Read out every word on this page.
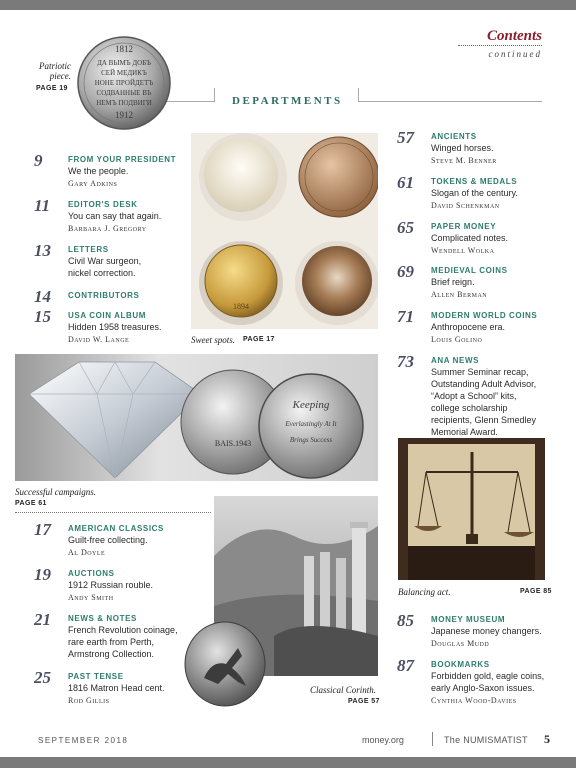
Contents
continued
DEPARTMENTS
1812
ДА ВЫМЪ ДОБЪ
СЕЙ МЕДИКЪ
НОНЕ ПРОЙДЕТЪ
СОДВАННЫЕ ВЪ
НЕМЪ ПОДВИГИ
1912
Patriotic
piece.
PAGE 19
1894
Sweet spots. PAGE 17
BAIS.1943
Keeping
Everlastingly At It
Brings Success
Successful campaigns.
PAGE 61
Classical Corinth.
PAGE 57
Balancing act.	PAGE 85
9	FROM YOUR PRESIDENT
We the people.
Gary Adkins
11	EDITOR'S DESK
You can say that again.
Barbara J. Gregory
13	LETTERS
Civil War surgeon, nickel correction.
14	CONTRIBUTORS
15	USA COIN ALBUM
Hidden 1958 treasures.
David W. Lange
17	AMERICAN CLASSICS
Guilt-free collecting.
Al Doyle
19	AUCTIONS
1912 Russian rouble.
Andy Smith
21	NEWS & NOTES
French Revolution coinage, rare earth from Perth, Armstrong Collection.
25	PAST TENSE
1816 Matron Head cent.
Rod Gillis
57	ANCIENTS
Winged horses.
Steve M. Benner
61	TOKENS & MEDALS
Slogan of the century.
David Schenkman
65	PAPER MONEY
Complicated notes.
Wendell Wolka
69	MEDIEVAL COINS
Brief reign.
Allen Berman
71	MODERN WORLD COINS
Anthropocene era.
Louis Golino
73	ANA NEWS
Summer Seminar recap, Outstanding Adult Advisor, “Adopt a School” kits, college scholarship recipients, Glenn Smedley Memorial Award.
85	MONEY MUSEUM
Japanese money changers.
Douglas Mudd
87	BOOKMARKS
Forbidden gold, eagle coins, early Anglo-Saxon issues.
Cynthia Wood-Davies
SEPTEMBER 2018	money.org	The NUMISMATIST 5
